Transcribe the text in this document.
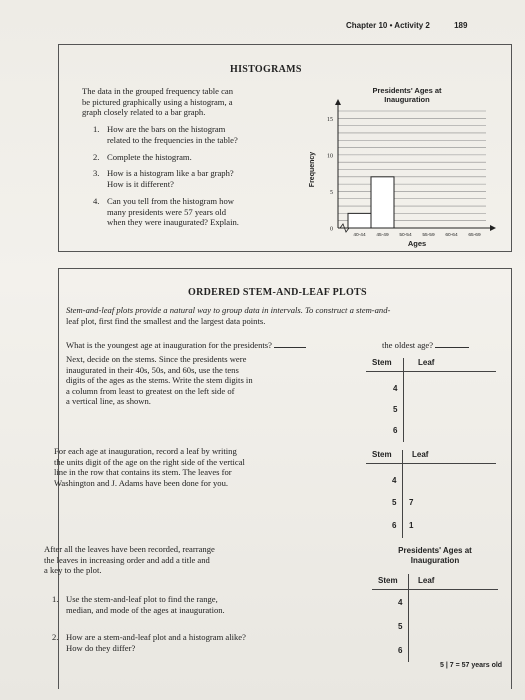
Chapter 10 • Activity 2	189
HISTOGRAMS
The data in the grouped frequency table can
be pictured graphically using a histogram, a
graph closely related to a bar graph.
1. How are the bars on the histogram
related to the frequencies in the table?
2. Complete the histogram.
3. How is a histogram like a bar graph?
How is it different?
4. Can you tell from the histogram how
many presidents were 57 years old
when they were inaugurated? Explain.
Presidents' Ages at Inauguration
0
5
10
15
40-44 45-49 50-54 55-59 60-64 65-69
Ages
Frequency
ORDERED STEM-AND-LEAF PLOTS
Stem-and-leaf plots provide a natural way to group data in intervals. To construct a stem-and-
leaf plot, first find the smallest and the largest data points.
What is the youngest age at inauguration for the presidents?	the oldest age?
Next, decide on the stems. Since the presidents were
inaugurated in their 40s, 50s, and 60s, use the tens
digits of the ages as the stems. Write the stem digits in
a column from least to greatest on the left side of
a vertical line, as shown.
For each age at inauguration, record a leaf by writing
the units digit of the age on the right side of the vertical
line in the row that contains its stem. The leaves for
Washington and J. Adams have been done for you.
After all the leaves have been recorded, rearrange
the leaves in increasing order and add a title and
a key to the plot.
1. Use the stem-and-leaf plot to find the range,
median, and mode of the ages at inauguration.
2. How are a stem-and-leaf plot and a histogram alike?
How do they differ?
Stem	Leaf
4
5
6
Stem	Leaf
4
5 7
6 1
Presidents' Ages at
Inauguration
Stem	Leaf
4
5
6
5 | 7 = 57 years old
